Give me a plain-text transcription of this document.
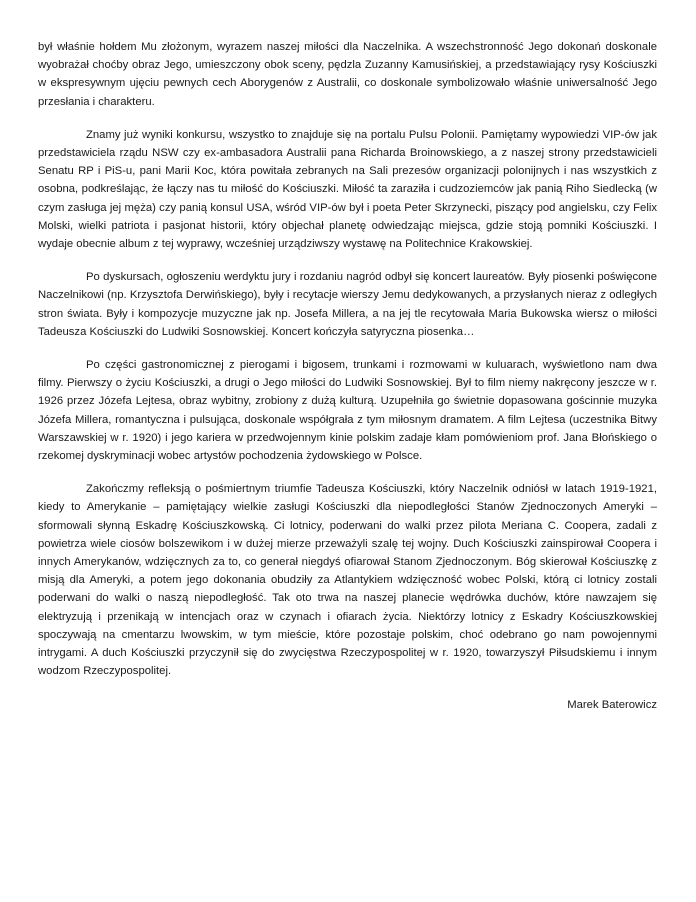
był właśnie hołdem Mu złożonym, wyrazem naszej miłości dla Naczelnika. A wszechstronność Jego dokonań doskonale wyobrażał choćby obraz Jego, umieszczony obok sceny, pędzla Zuzanny Kamusińskiej, a przedstawiający rysy Kościuszki w ekspresywnym ujęciu pewnych cech Aborygenów z Australii, co doskonale symbolizowało właśnie uniwersalność Jego przesłania i charakteru.

Znamy już wyniki konkursu, wszystko to znajduje się na portalu Pulsu Polonii. Pamiętamy wypowiedzi VIP-ów jak przedstawiciela rządu NSW czy ex-ambasadora Australii pana Richarda Broinowskiego, a z naszej strony przedstawicieli Senatu RP i PiS-u, pani Marii Koc, która powitała zebranych na Sali prezesów organizacji polonijnych i nas wszystkich z osobna, podkreślając, że łączy nas tu miłość do Kościuszki. Miłość ta zaraziła i cudzoziemców jak panią Riho Siedlecką (w czym zasługa jej męża) czy panią konsul USA, wśród VIP-ów był i poeta Peter Skrzynecki, piszący pod angielsku, czy Felix Molski, wielki patriota i pasjonat historii, który objechał planetę odwiedzając miejsca, gdzie stoją pomniki Kościuszki. I wydaje obecnie album z tej wyprawy, wcześniej urządziwszy wystawę na Politechnice Krakowskiej.

Po dyskursach, ogłoszeniu werdyktu jury i rozdaniu nagród odbył się koncert laureatów. Były piosenki poświęcone Naczelnikowi (np. Krzysztofa Derwińskiego), były i recytacje wierszy Jemu dedykowanych, a przysłanych nieraz z odległych stron świata. Były i kompozycje muzyczne jak np. Josefa Millera, a na jej tle recytowała Maria Bukowska wiersz o miłości Tadeusza Kościuszki do Ludwiki Sosnowskiej. Koncert kończyła satyryczna piosenka…

Po części gastronomicznej z pierogami i bigosem, trunkami i rozmowami w kuluarach, wyświetlono nam dwa filmy. Pierwszy o życiu Kościuszki, a drugi o Jego miłości do Ludwiki Sosnowskiej. Był to film niemy nakręcony jeszcze w r. 1926 przez Józefa Lejtesa, obraz wybitny, zrobiony z dużą kulturą. Uzupełniła go świetnie dopasowana gościnnie muzyka Józefa Millera, romantyczna i pulsująca, doskonale współgrała z tym miłosnym dramatem. A film Lejtesa (uczestnika Bitwy Warszawskiej w r. 1920) i jego kariera w przedwojennym kinie polskim zadaje kłam pomówieniom prof. Jana Błońskiego o rzekomej dyskryminacji wobec artystów pochodzenia żydowskiego w Polsce.

Zakończmy refleksją o pośmiertnym triumfie Tadeusza Kościuszki, który Naczelnik odniósł w latach 1919-1921, kiedy to Amerykanie – pamiętający wielkie zasługi Kościuszki dla niepodległości Stanów Zjednoczonych Ameryki – sformowali słynną Eskadrę Kościuszkowską. Ci lotnicy, poderwani do walki przez pilota Meriana C. Coopera, zadali z powietrza wiele ciosów bolszewikom i w dużej mierze przeważyli szalę tej wojny. Duch Kościuszki zainspirował Coopera i innych Amerykanów, wdzięcznych za to, co generał niegdyś ofiarował Stanom Zjednoczonym. Bóg skierował Kościuszkę z misją dla Ameryki, a potem jego dokonania obudziły za Atlantykiem wdzięczność wobec Polski, którą ci lotnicy zostali poderwani do walki o naszą niepodległość. Tak oto trwa na naszej planecie wędrówka duchów, które nawzajem się elektryzują i przenikają w intencjach oraz w czynach i ofiarach życia. Niektórzy lotnicy z Eskadry Kościuszkowskiej spoczywają na cmentarzu lwowskim, w tym mieście, które pozostaje polskim, choć odebrano go nam powojennymi intrygami. A duch Kościuszki przyczynił się do zwycięstwa Rzeczypospolitej w r. 1920, towarzyszył Piłsudskiemu i innym wodzom Rzeczypospolitej.

Marek Baterowicz
